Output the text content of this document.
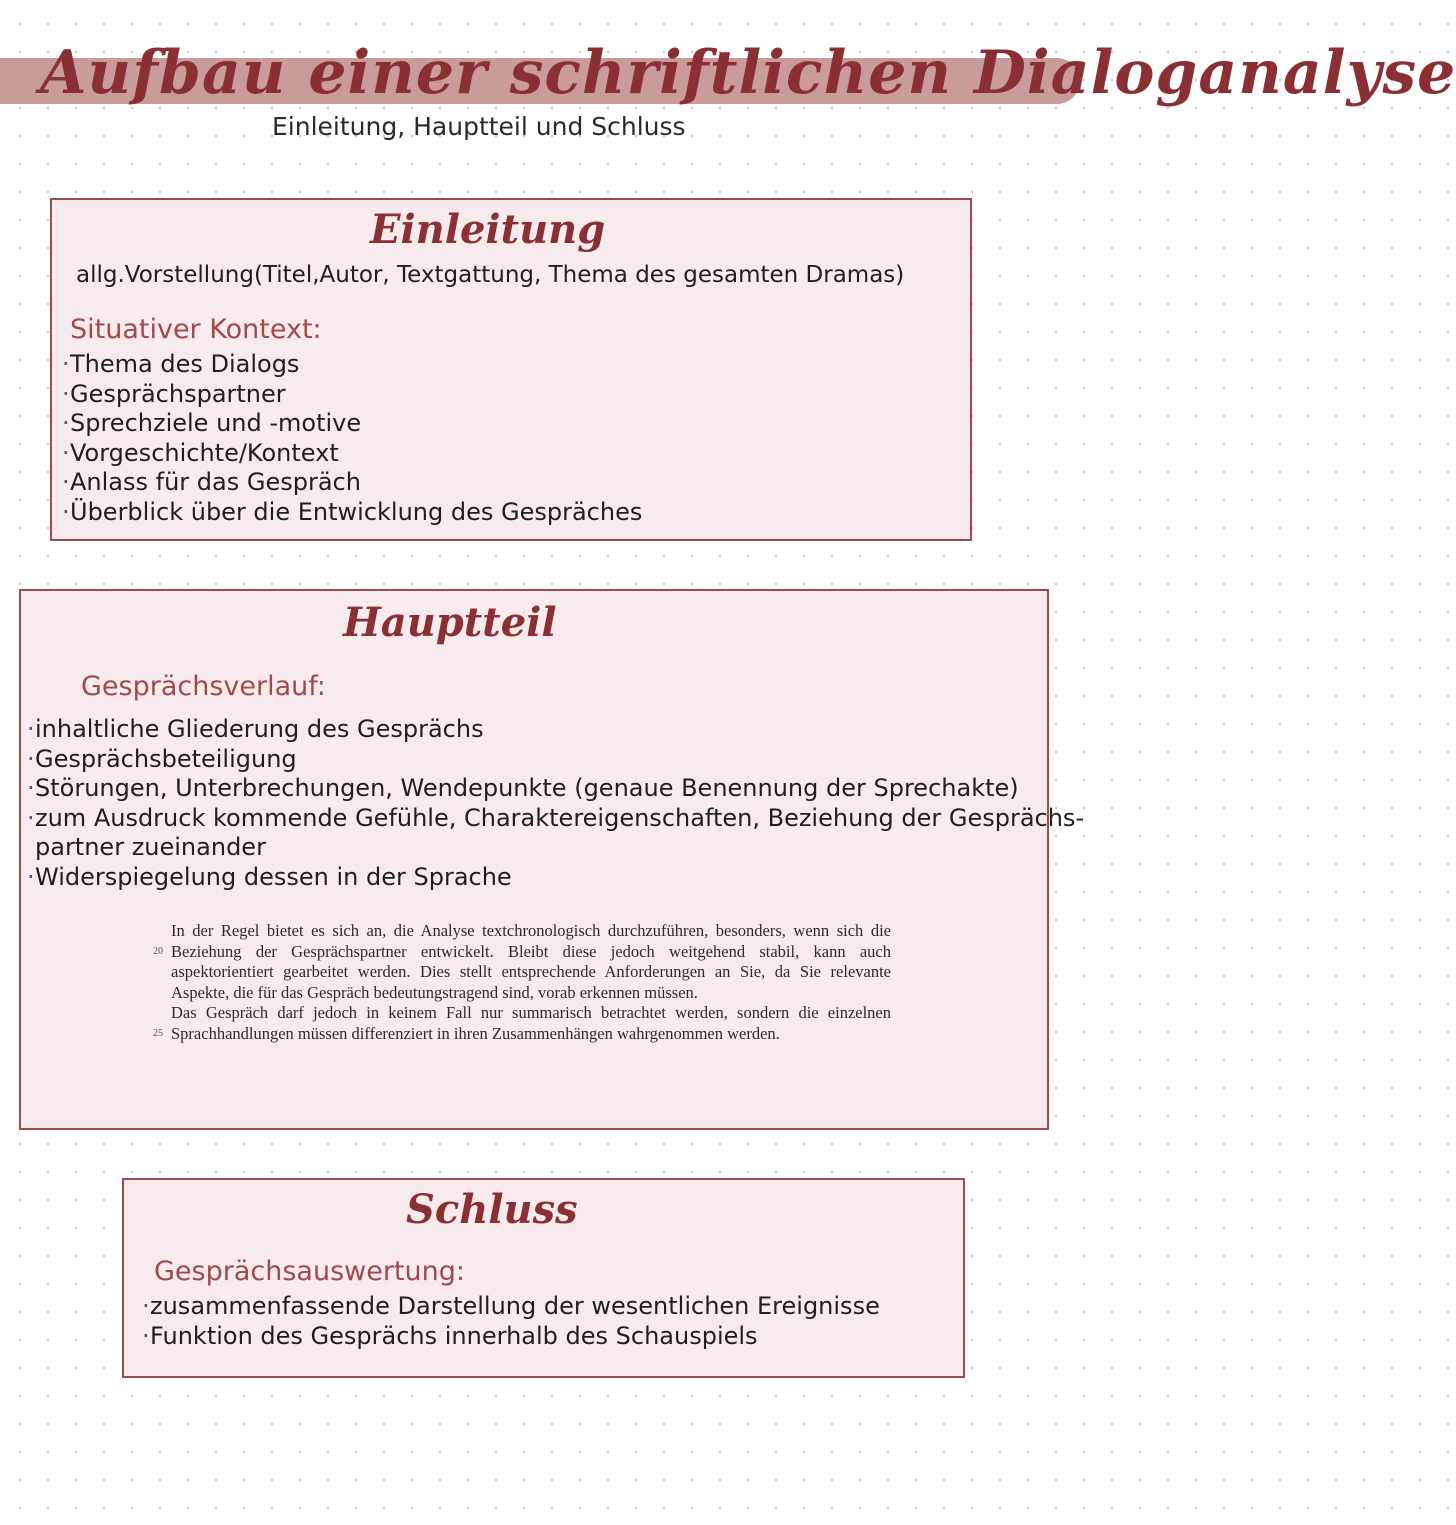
Aufbau einer schriftlichen Dialoganalyse
Einleitung, Hauptteil und Schluss
Einleitung
allg.Vorstellung(Titel,Autor, Textgattung, Thema des gesamten Dramas)
Situativer Kontext:
·Thema des Dialogs
·Gesprächspartner
·Sprechziele und -motive
·Vorgeschichte/Kontext
·Anlass für das Gespräch
·Überblick über die Entwicklung des Gespräches
Hauptteil
Gesprächsverlauf:
·inhaltliche Gliederung des Gesprächs
·Gesprächsbeteiligung
·Störungen, Unterbrechungen, Wendepunkte (genaue Benennung der Sprechakte)
·zum Ausdruck kommende Gefühle, Charaktereigenschaften, Beziehung der Gesprächs-
partner zueinander
·Widerspiegelung dessen in der Sprache
20
In der Regel bietet es sich an, die Analyse textchronologisch durchzuführen, besonders, wenn sich die Beziehung der Gesprächspartner entwickelt. Bleibt diese jedoch weitgehend stabil, kann auch aspektorientiert gearbeitet werden. Dies stellt entsprechende Anforderungen an Sie, da Sie relevante Aspekte, die für das Gespräch bedeutungstragend sind, vorab erkennen müssen.
25
Das Gespräch darf jedoch in keinem Fall nur summarisch betrachtet werden, sondern die einzelnen Sprachhandlungen müssen differenziert in ihren Zusammenhängen wahrgenommen werden.
Schluss
Gesprächsauswertung:
·zusammenfassende Darstellung der wesentlichen Ereignisse
·Funktion des Gesprächs innerhalb des Schauspiels
